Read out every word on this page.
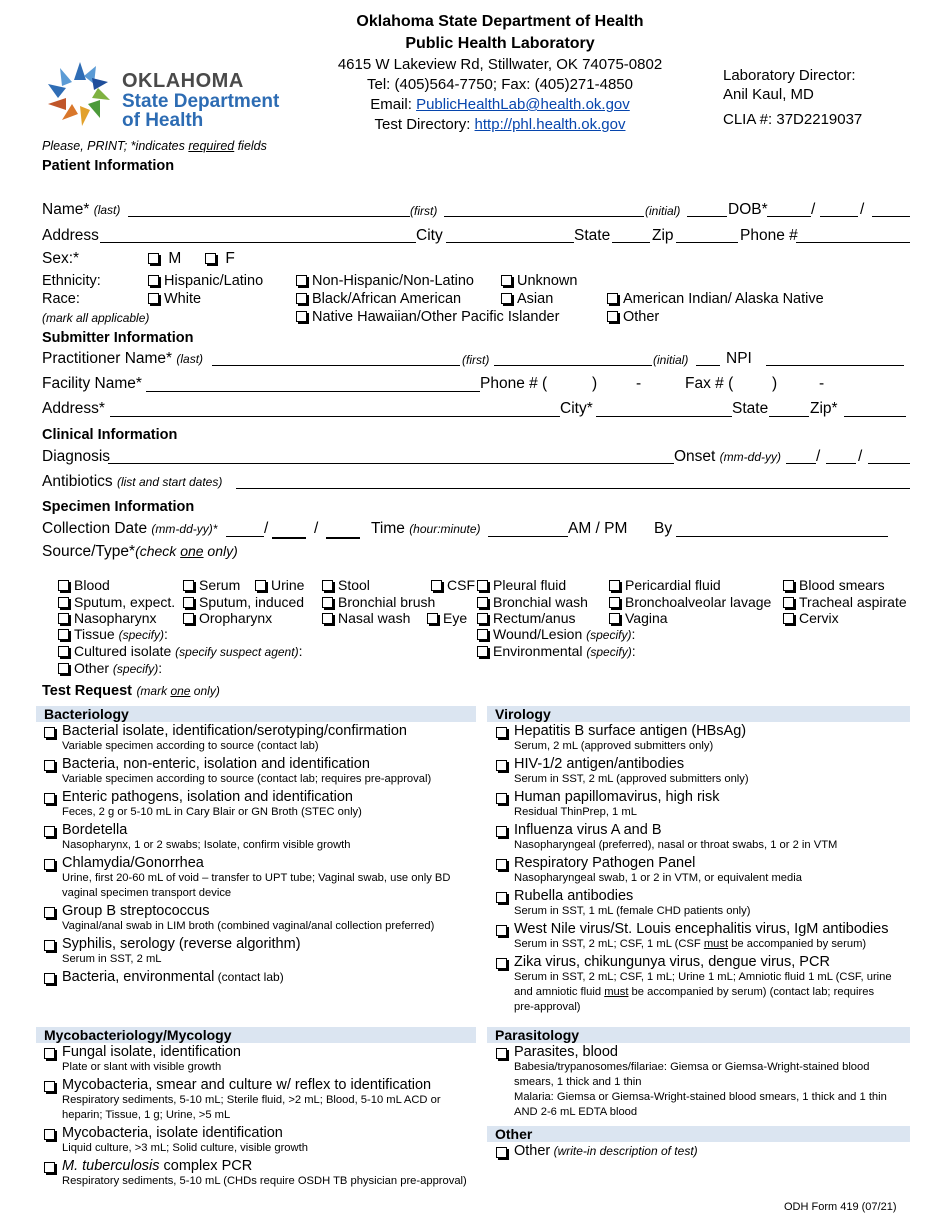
OKLAHOMA
State Department
of Health
Oklahoma State Department of Health
Public Health Laboratory
4615 W Lakeview Rd, Stillwater, OK 74075-0802
Tel: (405)564-7750; Fax: (405)271-4850
Email: PublicHealthLab@health.ok.gov
Test Directory: http://phl.health.ok.gov
Laboratory Director:
Anil Kaul, MD
CLIA #: 37D2219037
Please, PRINT; *indicates required fields
Patient Information
Name* (last)	(first)	(initial)	DOB*	/	/
Address	City	State	Zip	Phone #
Sex:*	M	F
Ethnicity:	Hispanic/Latino	Non-Hispanic/Non-Latino	Unknown
Race:	White	Black/African American	Asian	American Indian/ Alaska Native
(mark all applicable)	Native Hawaiian/Other Pacific Islander	Other
Submitter Information
Practitioner Name* (last)	(first)	(initial) NPI
Facility Name*	Phone # (	)	-	Fax # (	)	-
Address*	City*	State	Zip*
Clinical Information
Diagnosis	Onset (mm-dd-yy) / /
Antibiotics (list and start dates)
Specimen Information
Collection Date (mm-dd-yy)*	/	/	Time (hour:minute)	AM / PM By
Source/Type*(check one only)
Blood	Serum	Urine	Stool	CSF	Pleural fluid	Pericardial fluid	Blood smears
Sputum, expect.	Sputum, induced	Bronchial brush	Bronchial wash	Bronchoalveolar lavage	Tracheal aspirate
Nasopharynx	Oropharynx	Nasal wash	Eye	Rectum/anus	Vagina	Cervix
Tissue (specify):	Wound/Lesion (specify):
Cultured isolate (specify suspect agent):	Environmental (specify):
Other (specify):
Test Request (mark one only)
Bacteriology	Virology
Bacterial isolate, identification/serotyping/confirmation
Variable specimen according to source (contact lab)
Bacteria, non-enteric, isolation and identification
Variable specimen according to source (contact lab; requires pre-approval)
Enteric pathogens, isolation and identification
Feces, 2 g or 5-10 mL in Cary Blair or GN Broth (STEC only)
Bordetella
Nasopharynx, 1 or 2 swabs; Isolate, confirm visible growth
Chlamydia/Gonorrhea
Urine, first 20-60 mL of void – transfer to UPT tube; Vaginal swab, use only BD
vaginal specimen transport device
Group B streptococcus
Vaginal/anal swab in LIM broth (combined vaginal/anal collection preferred)
Syphilis, serology (reverse algorithm)
Serum in SST, 2 mL
Bacteria, environmental (contact lab)
Hepatitis B surface antigen (HBsAg)
Serum, 2 mL (approved submitters only)
HIV-1/2 antigen/antibodies
Serum in SST, 2 mL (approved submitters only)
Human papillomavirus, high risk
Residual ThinPrep, 1 mL
Influenza virus A and B
Nasopharyngeal (preferred), nasal or throat swabs, 1 or 2 in VTM
Respiratory Pathogen Panel
Nasopharyngeal swab, 1 or 2 in VTM, or equivalent media
Rubella antibodies
Serum in SST, 1 mL (female CHD patients only)
West Nile virus/St. Louis encephalitis virus, IgM antibodies
Serum in SST, 2 mL; CSF, 1 mL (CSF must be accompanied by serum)
Zika virus, chikungunya virus, dengue virus, PCR
Serum in SST, 2 mL; CSF, 1 mL; Urine 1 mL; Amniotic fluid 1 mL (CSF, urine
and amniotic fluid must be accompanied by serum) (contact lab; requires
pre-approval)
Mycobacteriology/Mycology	Parasitology
Fungal isolate, identification
Plate or slant with visible growth
Mycobacteria, smear and culture w/ reflex to identification
Respiratory sediments, 5-10 mL; Sterile fluid, >2 mL; Blood, 5-10 mL ACD or
heparin; Tissue, 1 g; Urine, >5 mL
Mycobacteria, isolate identification
Liquid culture, >3 mL; Solid culture, visible growth
M. tuberculosis complex PCR
Respiratory sediments, 5-10 mL (CHDs require OSDH TB physician pre-approval)
Parasites, blood
Babesia/trypanosomes/filariae: Giemsa or Giemsa-Wright-stained blood
smears, 1 thick and 1 thin
Malaria: Giemsa or Giemsa-Wright-stained blood smears, 1 thick and 1 thin
AND 2-6 mL EDTA blood
Other
Other (write-in description of test)
ODH Form 419 (07/21)
